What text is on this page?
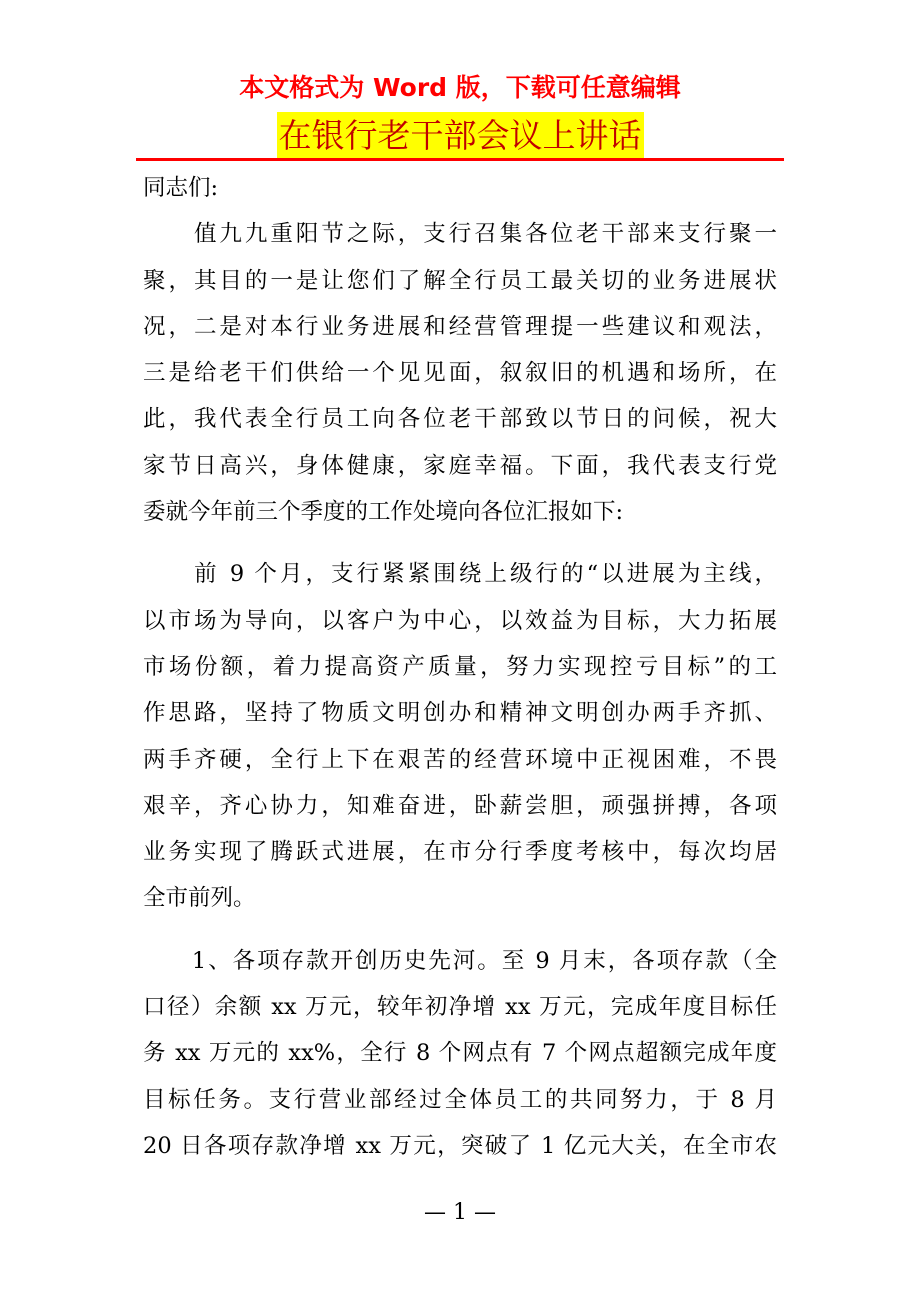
本文格式为 Word 版，下载可任意编辑
在银行老干部会议上讲话
同志们:
　　值九九重阳节之际，支行召集各位老干部来支行聚一
聚，其目的一是让您们了解全行员工最关切的业务进展状
况，二是对本行业务进展和经营管理提一些建议和观法，
三是给老干们供给一个见见面，叙叙旧的机遇和场所，在
此，我代表全行员工向各位老干部致以节日的问候，祝大
家节日高兴，身体健康，家庭幸福。下面，我代表支行党
委就今年前三个季度的工作处境向各位汇报如下:
　　前 9 个月，支行紧紧围绕上级行的“以进展为主线，
以市场为导向，以客户为中心，以效益为目标，大力拓展
市场份额，着力提高资产质量，努力实现控亏目标”的工
作思路，坚持了物质文明创办和精神文明创办两手齐抓、
两手齐硬，全行上下在艰苦的经营环境中正视困难，不畏
艰辛，齐心协力，知难奋进，卧薪尝胆，顽强拼搏，各项
业务实现了腾跃式进展，在市分行季度考核中，每次均居
全市前列。
　　1、各项存款开创历史先河。至 9 月末，各项存款（全
口径）余额 xx 万元，较年初净增 xx 万元，完成年度目标任
务 xx 万元的 xx%，全行 8 个网点有 7 个网点超额完成年度
目标任务。支行营业部经过全体员工的共同努力，于 8 月
20 日各项存款净增 xx 万元，突破了 1 亿元大关，在全市农
— 1 —
